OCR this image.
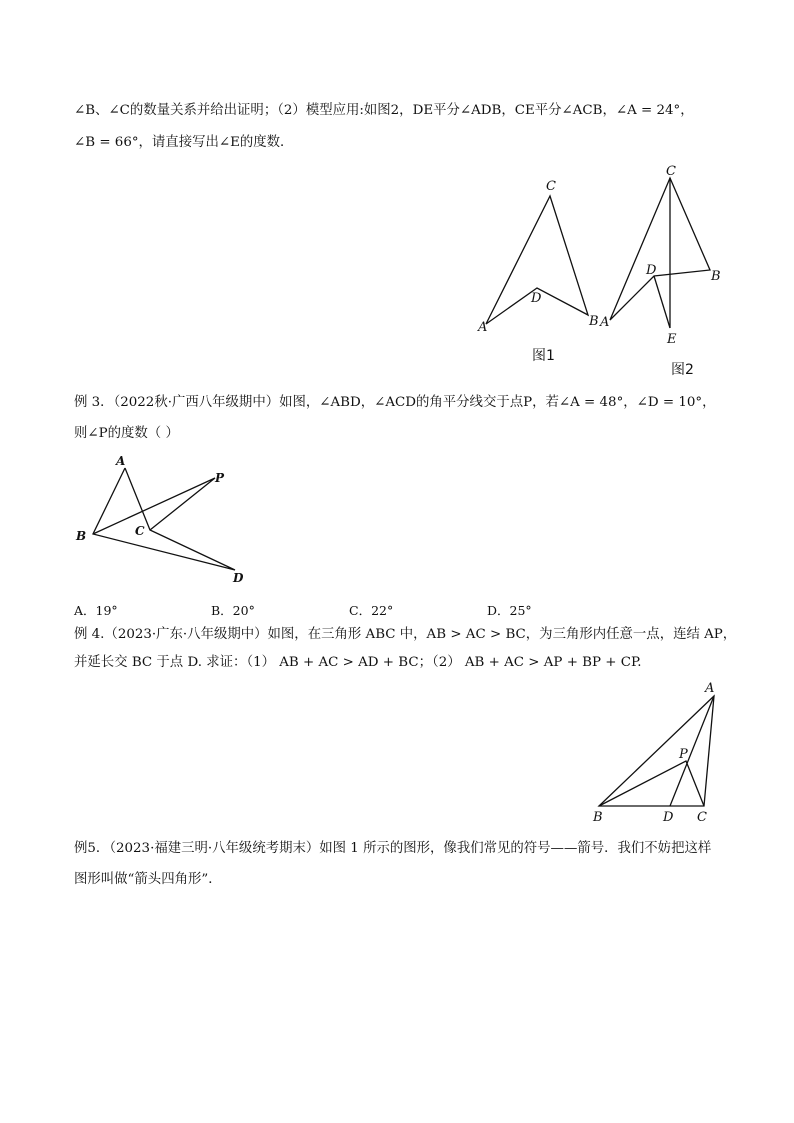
∠B、∠C的数量关系并给出证明；（2）模型应用:如图2，DE平分∠ADB，CE平分∠ACB，∠A = 24°，
∠B = 66°，请直接写出∠E的度数．
C
D
A	B
图1
C
D	B
A
E
图2
例 3．（2022秋·广西八年级期中）如图，∠ABD，∠ACD的角平分线交于点P，若∠A = 48°，∠D = 10°，
则∠P的度数（ ）
A
P
B	C
D
A．19°	B．20°	C．22°	D．25°
例 4.（2023·广东·八年级期中）如图，在三角形 ABC 中，AB > AC > BC，为三角形内任意一点，连结 AP，
并延长交 BC 于点 D. 求证：（1） AB + AC > AD + BC；（2） AB + AC > AP + BP + CP.
A
P
B	D C
例5．（2023·福建三明·八年级统考期末）如图 1 所示的图形，像我们常见的符号——箭号．我们不妨把这样
图形叫做“箭头四角形”．
